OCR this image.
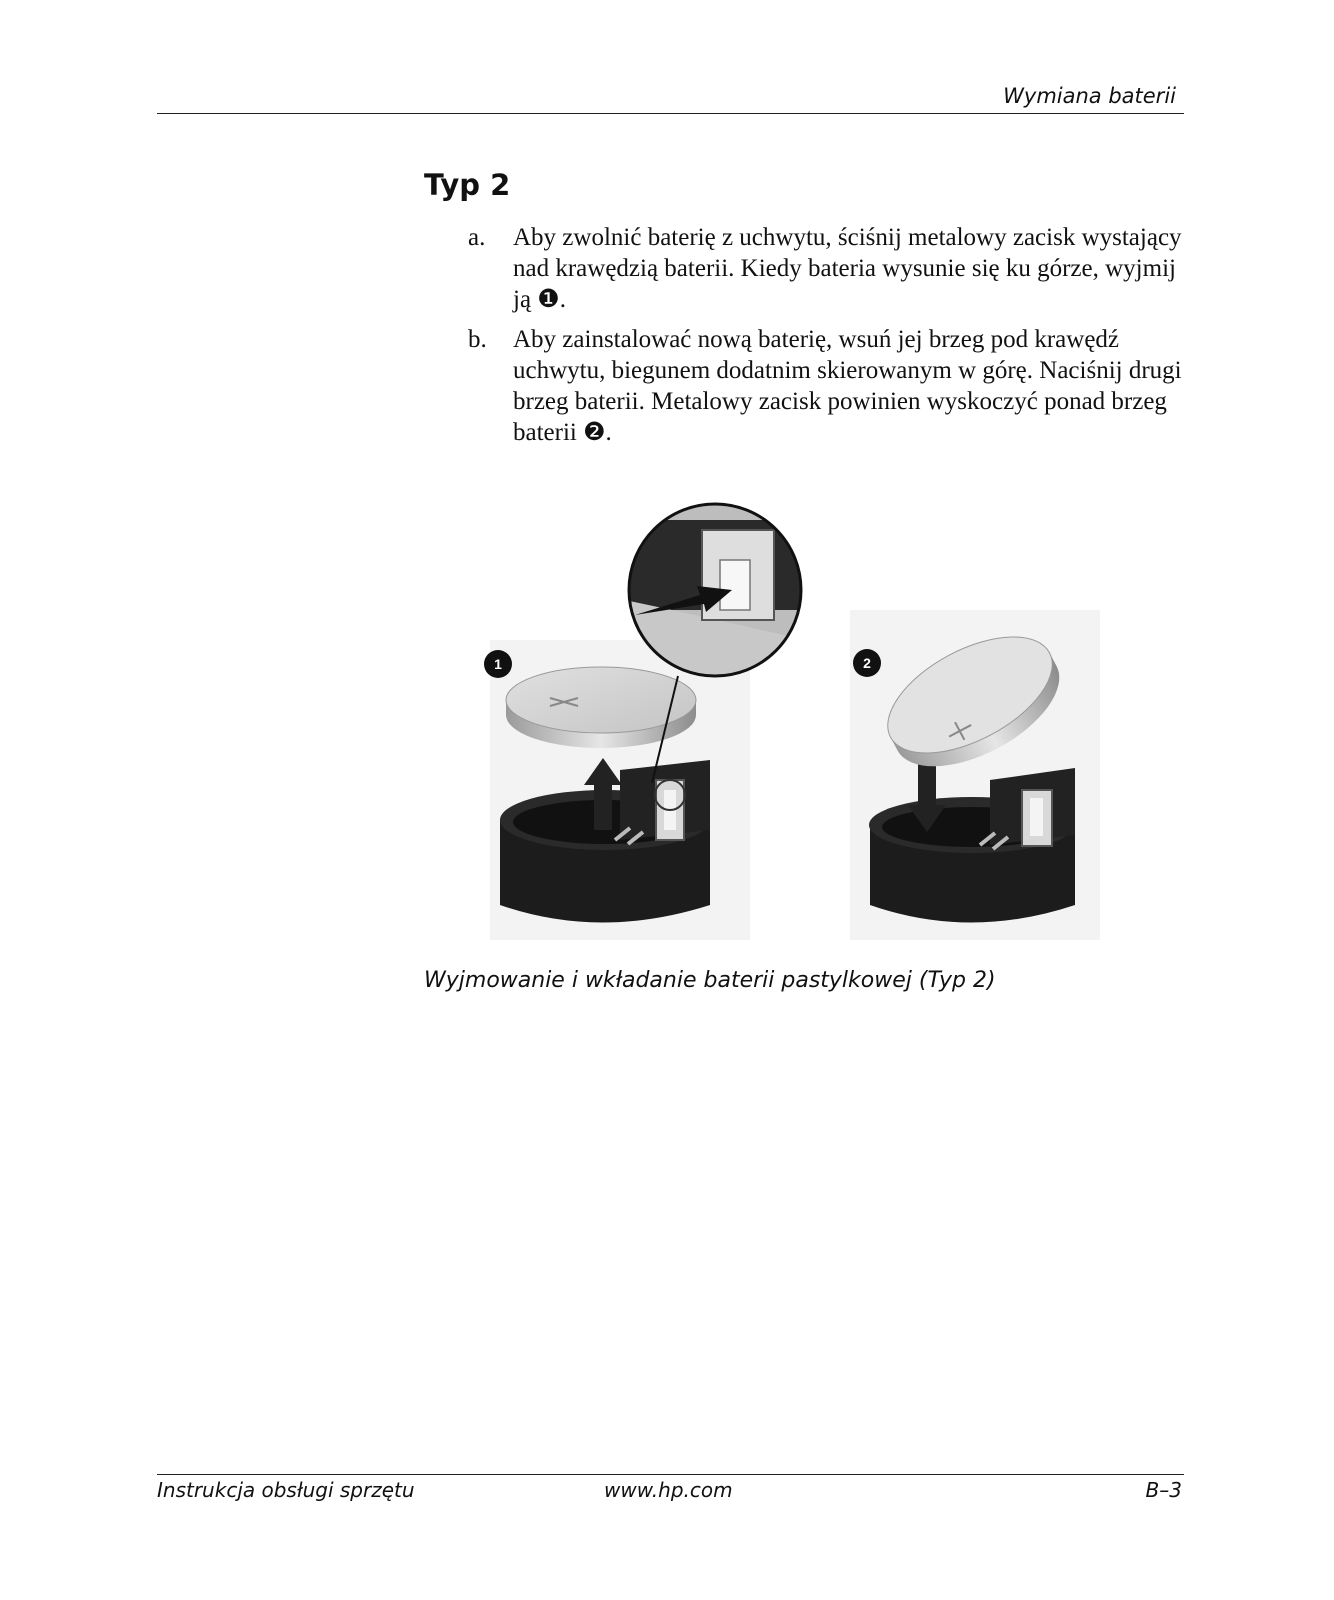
Wymiana baterii
Typ 2
a. Aby zwolnić baterię z uchwytu, ściśnij metalowy zacisk wystający nad krawędzią baterii. Kiedy bateria wysunie się ku górze, wyjmij ją ❶.
b. Aby zainstalować nową baterię, wsuń jej brzeg pod krawędź uchwytu, biegunem dodatnim skierowanym w górę. Naciśnij drugi brzeg baterii. Metalowy zacisk powinien wyskoczyć ponad brzeg baterii ❷.
1	2
Wyjmowanie i wkładanie baterii pastylkowej (Typ 2)
Instrukcja obsługi sprzętu	www.hp.com	B–3
